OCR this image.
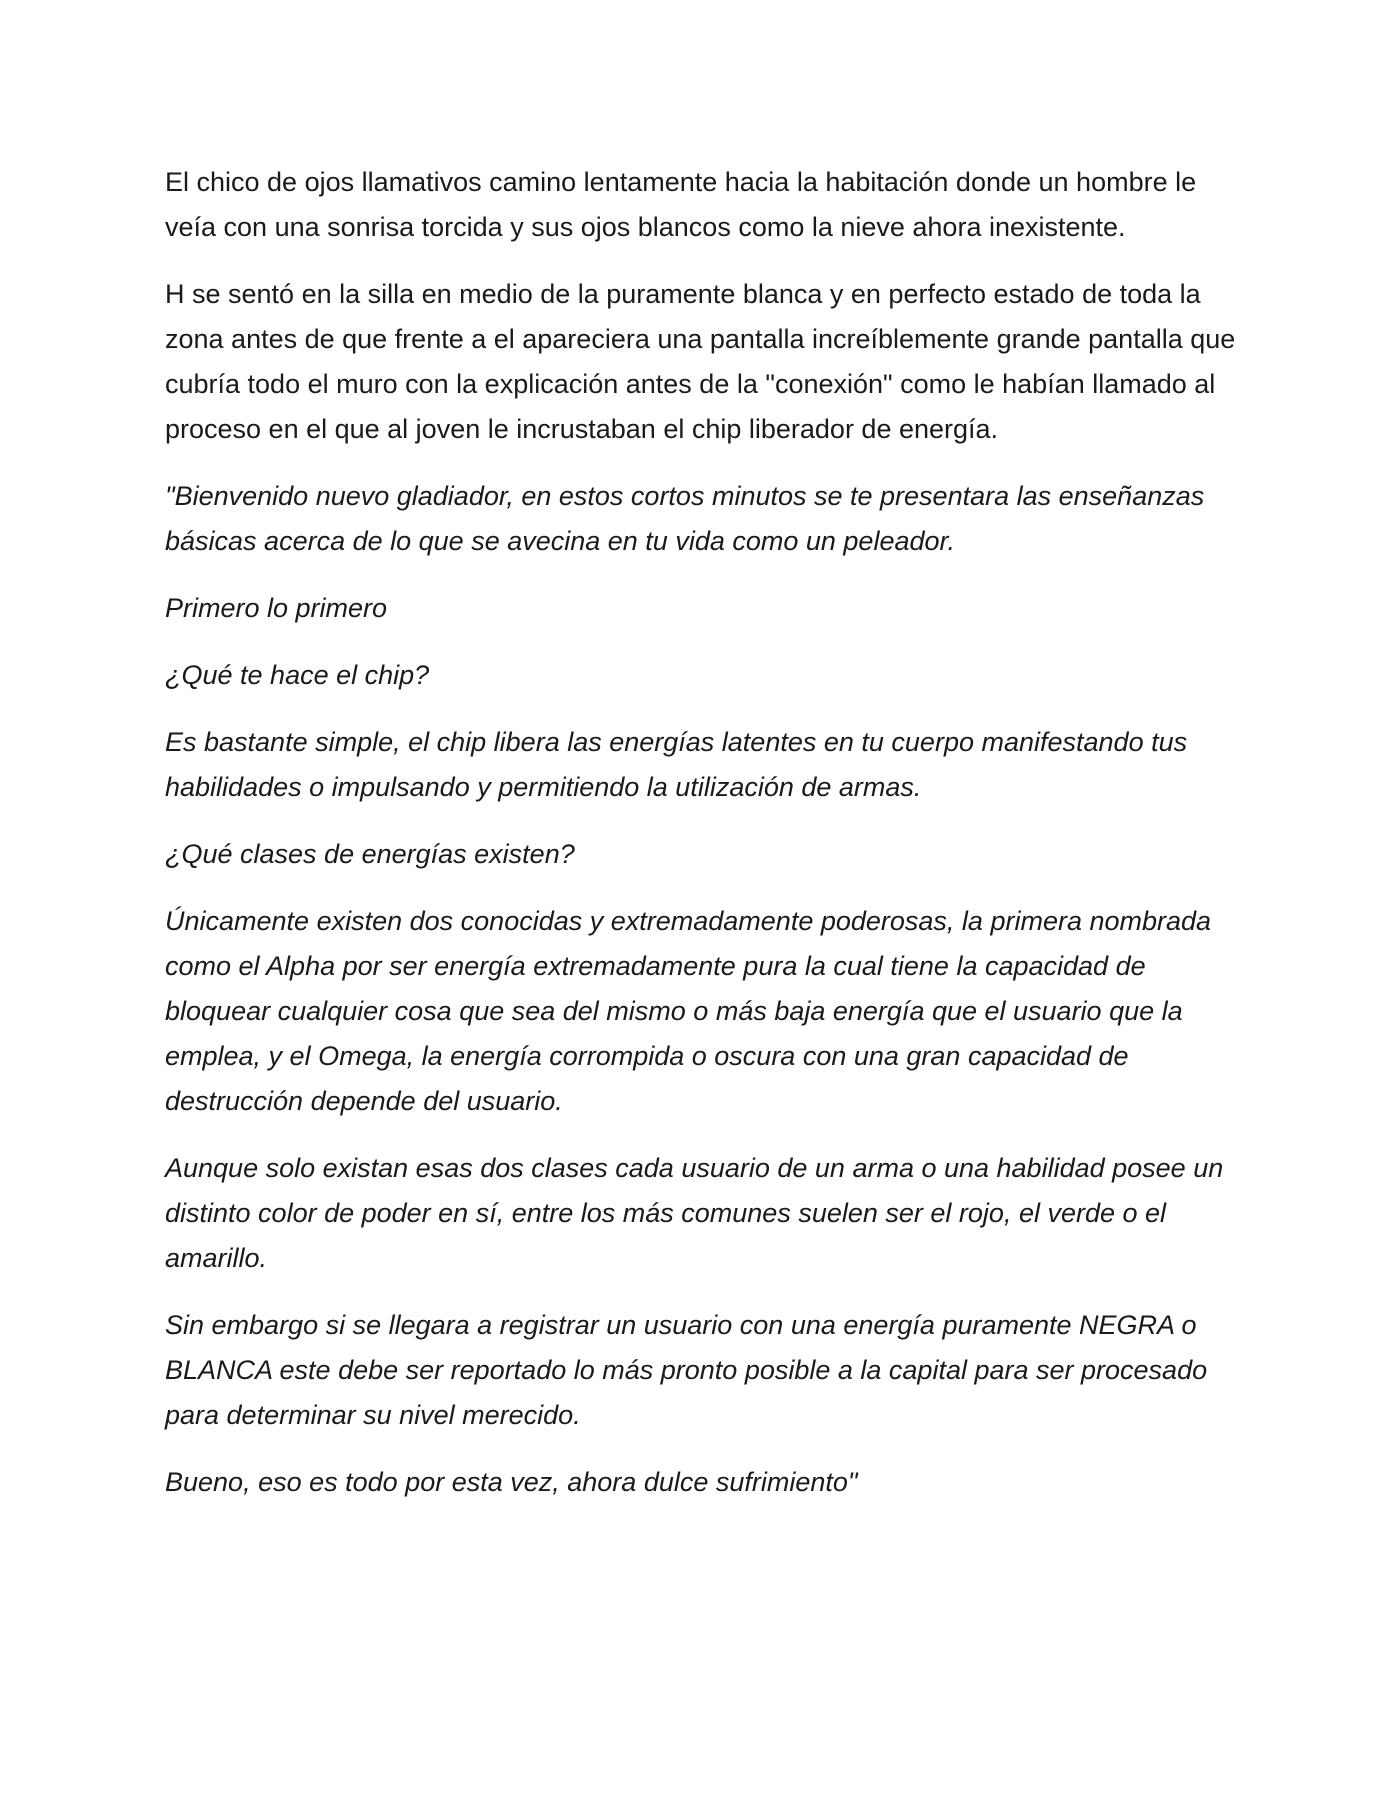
El chico de ojos llamativos camino lentamente hacia la habitación donde un hombre le veía con una sonrisa torcida y sus ojos blancos como la nieve ahora inexistente.

H se sentó en la silla en medio de la puramente blanca y en perfecto estado de toda la zona antes de que frente a el apareciera una pantalla increíblemente grande pantalla que cubría todo el muro con la explicación antes de la "conexión" como le habían llamado al proceso en el que al joven le incrustaban el chip liberador de energía.

"Bienvenido nuevo gladiador, en estos cortos minutos se te presentara las enseñanzas básicas acerca de lo que se avecina en tu vida como un peleador.

Primero lo primero

¿Qué te hace el chip?

Es bastante simple, el chip libera las energías latentes en tu cuerpo manifestando tus habilidades o impulsando y permitiendo la utilización de armas.

¿Qué clases de energías existen?

Únicamente existen dos conocidas y extremadamente poderosas, la primera nombrada como el Alpha por ser energía extremadamente pura la cual tiene la capacidad de bloquear cualquier cosa que sea del mismo o más baja energía que el usuario que la emplea, y el Omega, la energía corrompida o oscura con una gran capacidad de destrucción depende del usuario.

Aunque solo existan esas dos clases cada usuario de un arma o una habilidad posee un distinto color de poder en sí, entre los más comunes suelen ser el rojo, el verde o el amarillo.

Sin embargo si se llegara a registrar un usuario con una energía puramente NEGRA o BLANCA este debe ser reportado lo más pronto posible a la capital para ser procesado para determinar su nivel merecido.

Bueno, eso es todo por esta vez, ahora dulce sufrimiento"
